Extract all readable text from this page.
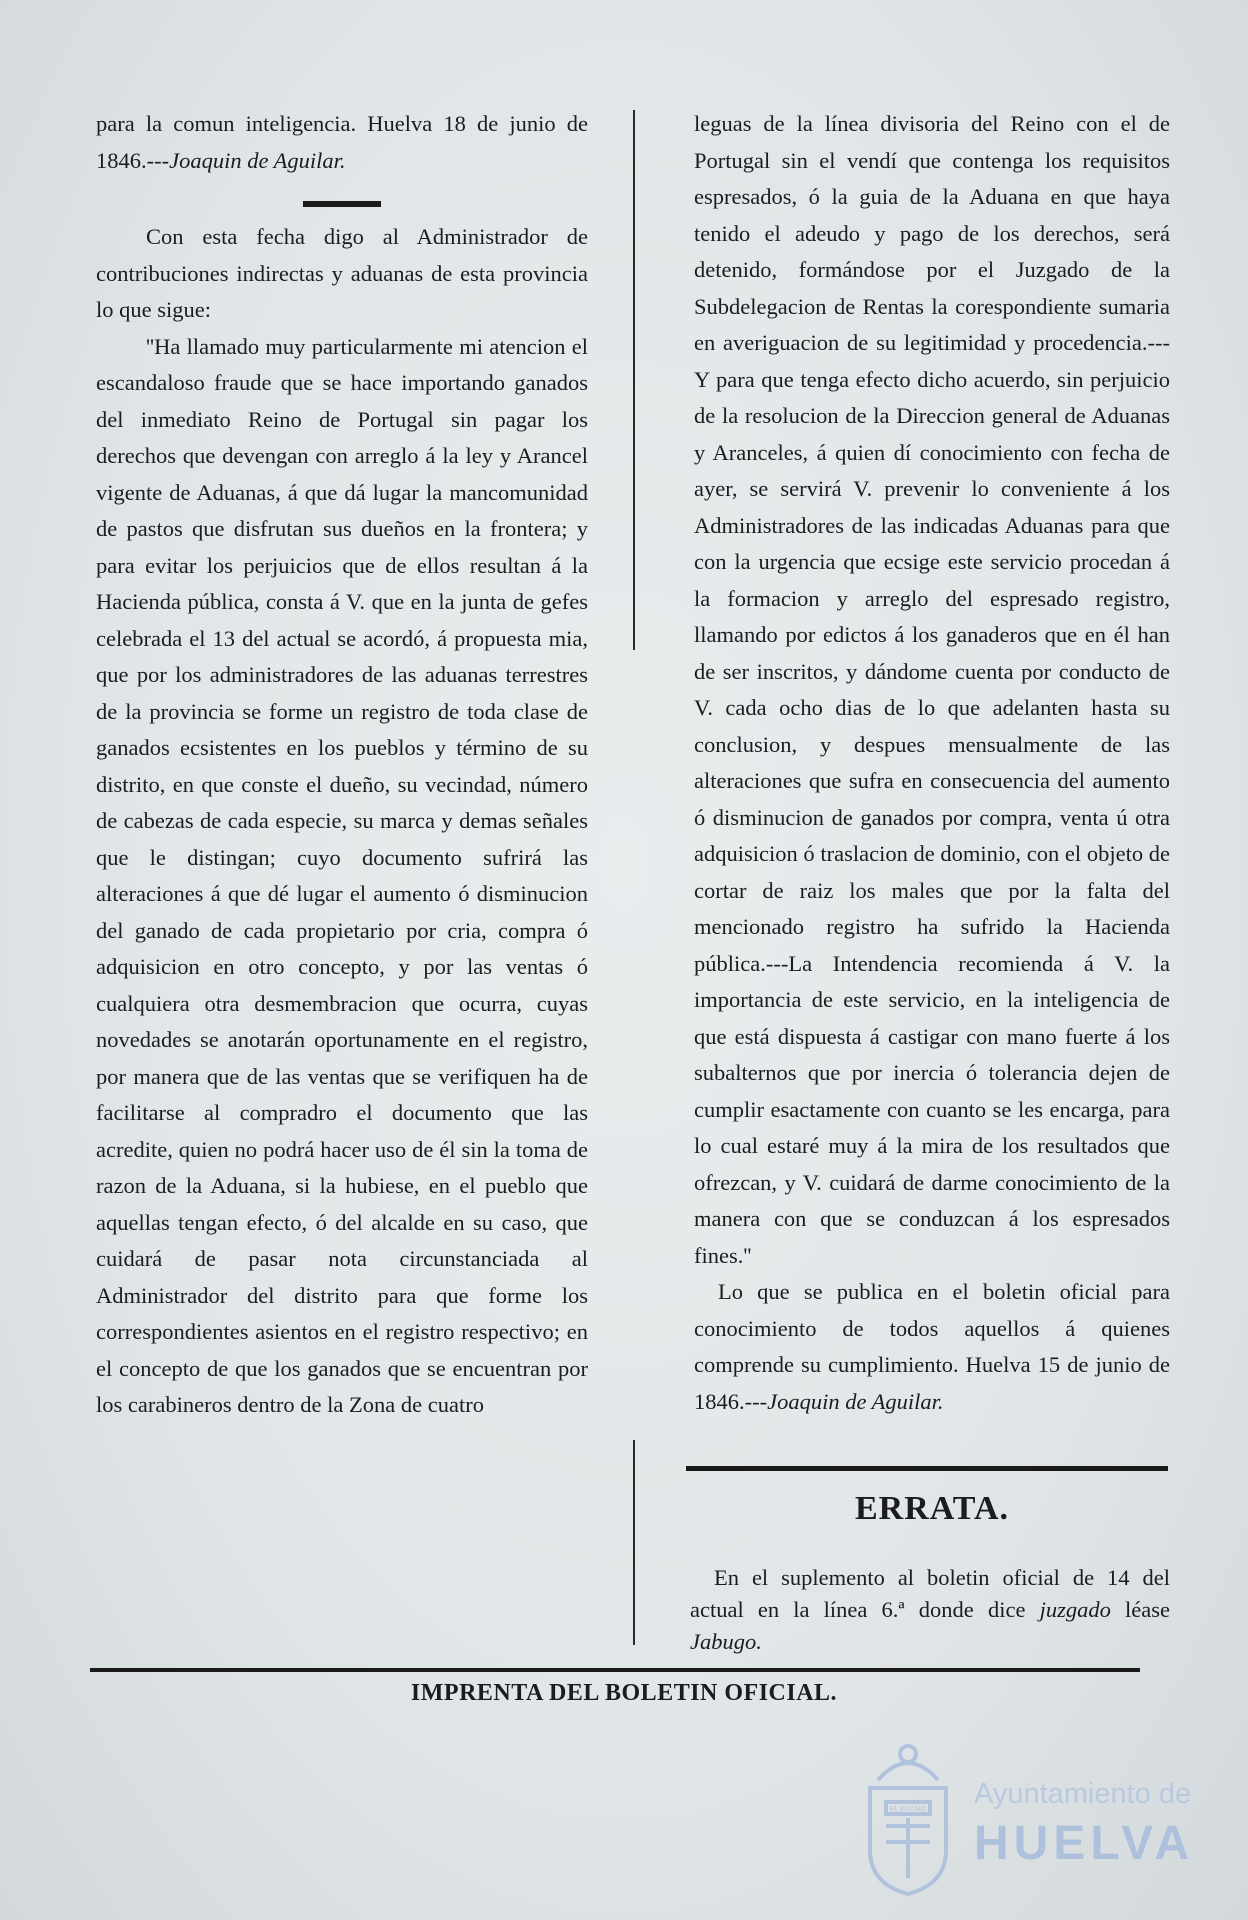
para la comun inteligencia. Huelva 18 de junio de 1846.---Joaquin de Aguilar.

Con esta fecha digo al Administrador de contribuciones indirectas y aduanas de esta provincia lo que sigue:

''Ha llamado muy particularmente mi atencion el escandaloso fraude que se hace importando ganados del inmediato Reino de Portugal sin pagar los derechos que devengan con arreglo á la ley y Arancel vigente de Aduanas, á que dá lugar la mancomunidad de pastos que disfrutan sus dueños en la frontera; y para evitar los perjuicios que de ellos resultan á la Hacienda pública, consta á V. que en la junta de gefes celebrada el 13 del actual se acordó, á propuesta mia, que por los administradores de las aduanas terrestres de la provincia se forme un registro de toda clase de ganados ecsistentes en los pueblos y término de su distrito, en que conste el dueño, su vecindad, número de cabezas de cada especie, su marca y demas señales que le distingan; cuyo documento sufrirá las alteraciones á que dé lugar el aumento ó disminucion del ganado de cada propietario por cria, compra ó adquisicion en otro concepto, y por las ventas ó cualquiera otra desmembracion que ocurra, cuyas novedades se anotarán oportunamente en el registro, por manera que de las ventas que se verifiquen ha de facilitarse al compradro el documento que las acredite, quien no podrá hacer uso de él sin la toma de razon de la Aduana, si la hubiese, en el pueblo que aquellas tengan efecto, ó del alcalde en su caso, que cuidará de pasar nota circunstanciada al Administrador del distrito para que forme los correspondientes asientos en el registro respectivo; en el concepto de que los ganados que se encuentran por los carabineros dentro de la Zona de cuatro

leguas de la línea divisoria del Reino con el de Portugal sin el vendí que contenga los requisitos espresados, ó la guia de la Aduana en que haya tenido el adeudo y pago de los derechos, será detenido, formándose por el Juzgado de la Subdelegacion de Rentas la corespondiente sumaria en averiguacion de su legitimidad y procedencia.---Y para que tenga efecto dicho acuerdo, sin perjuicio de la resolucion de la Direccion general de Aduanas y Aranceles, á quien dí conocimiento con fecha de ayer, se servirá V. prevenir lo conveniente á los Administradores de las indicadas Aduanas para que con la urgencia que ecsige este servicio procedan á la formacion y arreglo del espresado registro, llamando por edictos á los ganaderos que en él han de ser inscritos, y dándome cuenta por conducto de V. cada ocho dias de lo que adelanten hasta su conclusion, y despues mensualmente de las alteraciones que sufra en consecuencia del aumento ó disminucion de ganados por compra, venta ú otra adquisicion ó traslacion de dominio, con el objeto de cortar de raiz los males que por la falta del mencionado registro ha sufrido la Hacienda pública.---La Intendencia recomienda á V. la importancia de este servicio, en la inteligencia de que está dispuesta á castigar con mano fuerte á los subalternos que por inercia ó tolerancia dejen de cumplir esactamente con cuanto se les encarga, para lo cual estaré muy á la mira de los resultados que ofrezcan, y V. cuidará de darme conocimiento de la manera con que se conduzcan á los espresados fines.''

Lo que se publica en el boletin oficial para conocimiento de todos aquellos á quienes comprende su cumplimiento. Huelva 15 de junio de 1846.---Joaquin de Aguilar.

ERRATA.

En el suplemento al boletin oficial de 14 del actual en la línea 6.ª donde dice juzgado léase Jabugo.

IMPRENTA DEL BOLETIN OFICIAL.
EL EXCMO Ayuntamiento de
HUELVA
